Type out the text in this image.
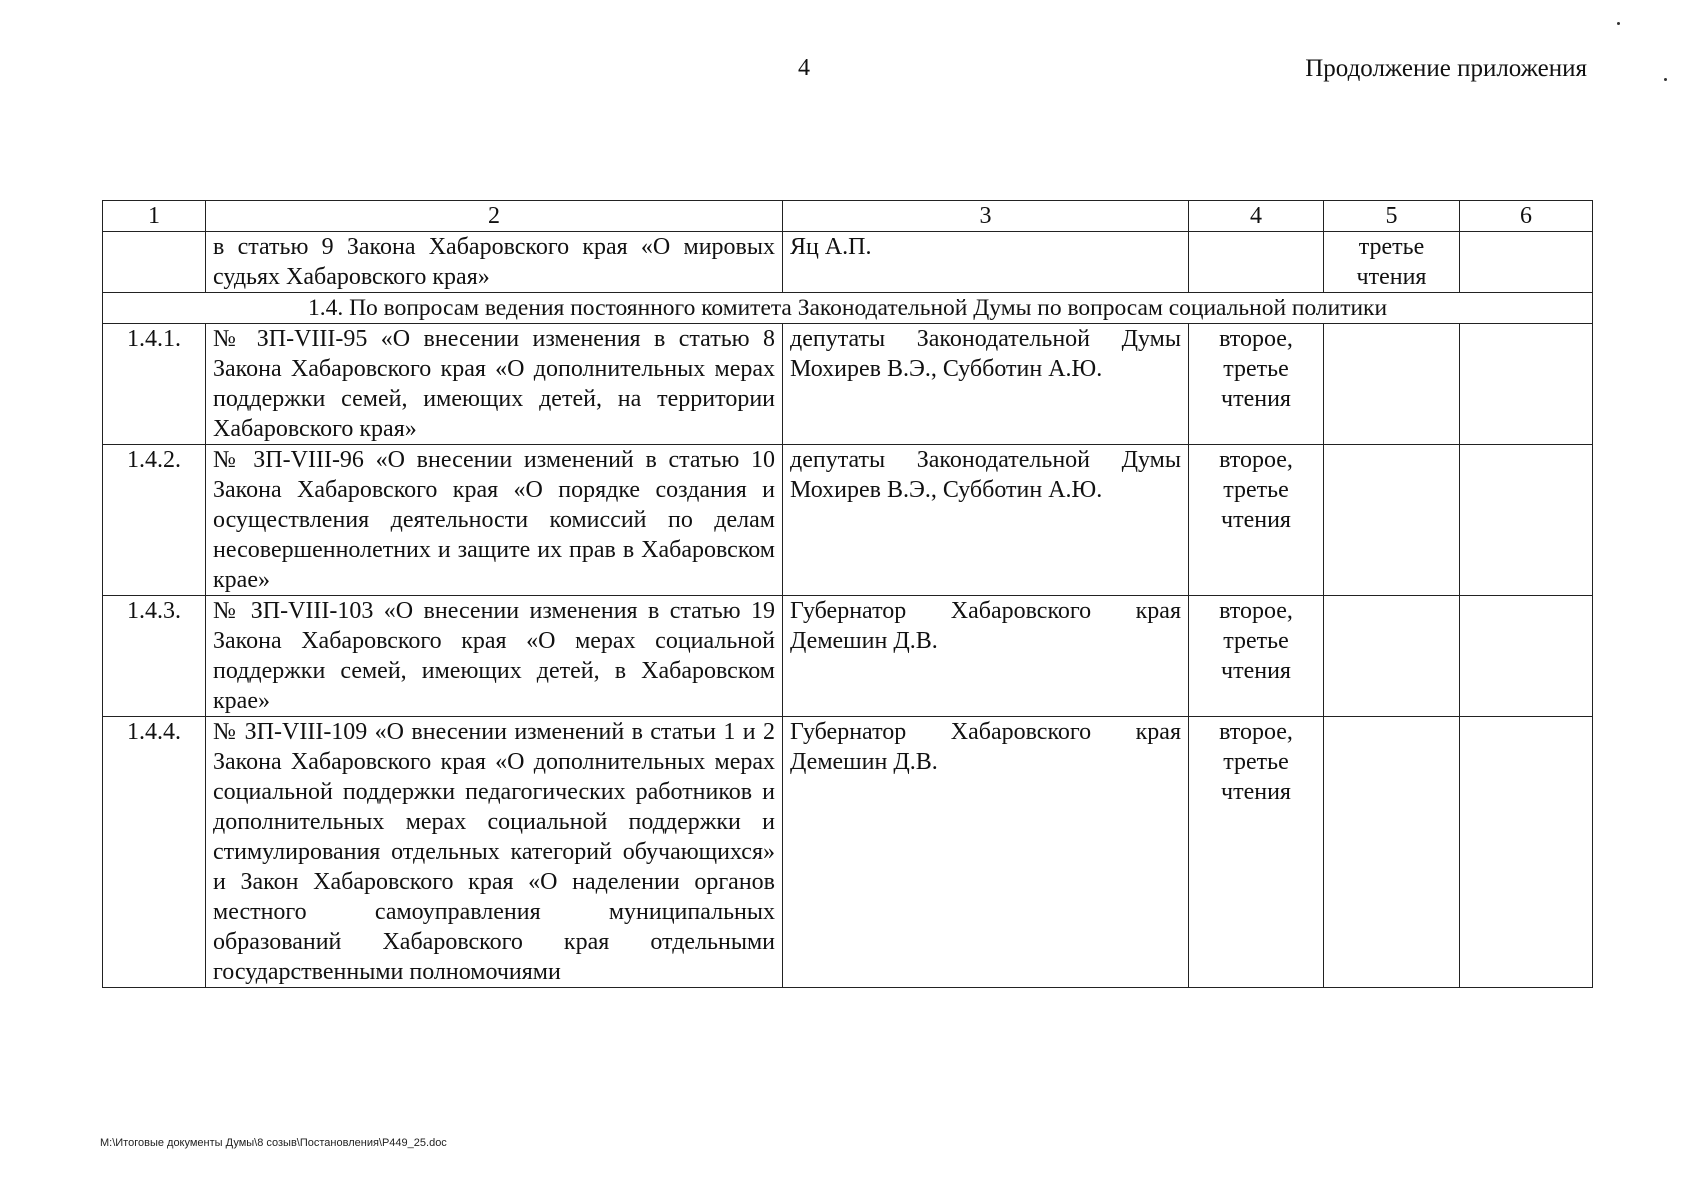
4	Продолжение приложения
1	2	3	4	5	6
	в статью 9 Закона Хабаровского края «О мировых судьях Хабаровского края»	Яц А.П.		третье чтения	
1.4. По вопросам ведения постоянного комитета Законодательной Думы по вопросам социальной политики					
1.4.1.	№ ЗП-VIII-95 «О внесении изменения в статью 8 Закона Хабаровского края «О дополнительных мерах поддержки семей, имеющих детей, на территории Хабаровского края»	депутаты Законодательной Думы Мохирев В.Э., Субботин А.Ю.	второе, третье чтения		
1.4.2.	№ ЗП-VIII-96 «О внесении изменений в статью 10 Закона Хабаровского края «О порядке создания и осуществления деятельности комиссий по делам несовершеннолетних и защите их прав в Хабаровском крае»	депутаты Законодательной Думы Мохирев В.Э., Субботин А.Ю.	второе, третье чтения		
1.4.3.	№ ЗП-VIII-103 «О внесении изменения в статью 19 Закона Хабаровского края «О мерах социальной поддержки семей, имеющих детей, в Хабаровском крае»	Губернатор Хабаровского края Демешин Д.В.	второе, третье чтения		
1.4.4.	№ ЗП-VIII-109 «О внесении изменений в статьи 1 и 2 Закона Хабаровского края «О дополнительных мерах социальной поддержки педагогических работников и дополнительных мерах социальной поддержки и стимулирования отдельных категорий обучающихся» и Закон Хабаровского края «О наделении органов местного самоуправления муниципальных образований Хабаровского края отдельными государственными полномочиями	Губернатор Хабаровского края Демешин Д.В.	второе, третье чтения		
M:\Итоговые документы Думы\8 созыв\Постановления\P449_25.doc
